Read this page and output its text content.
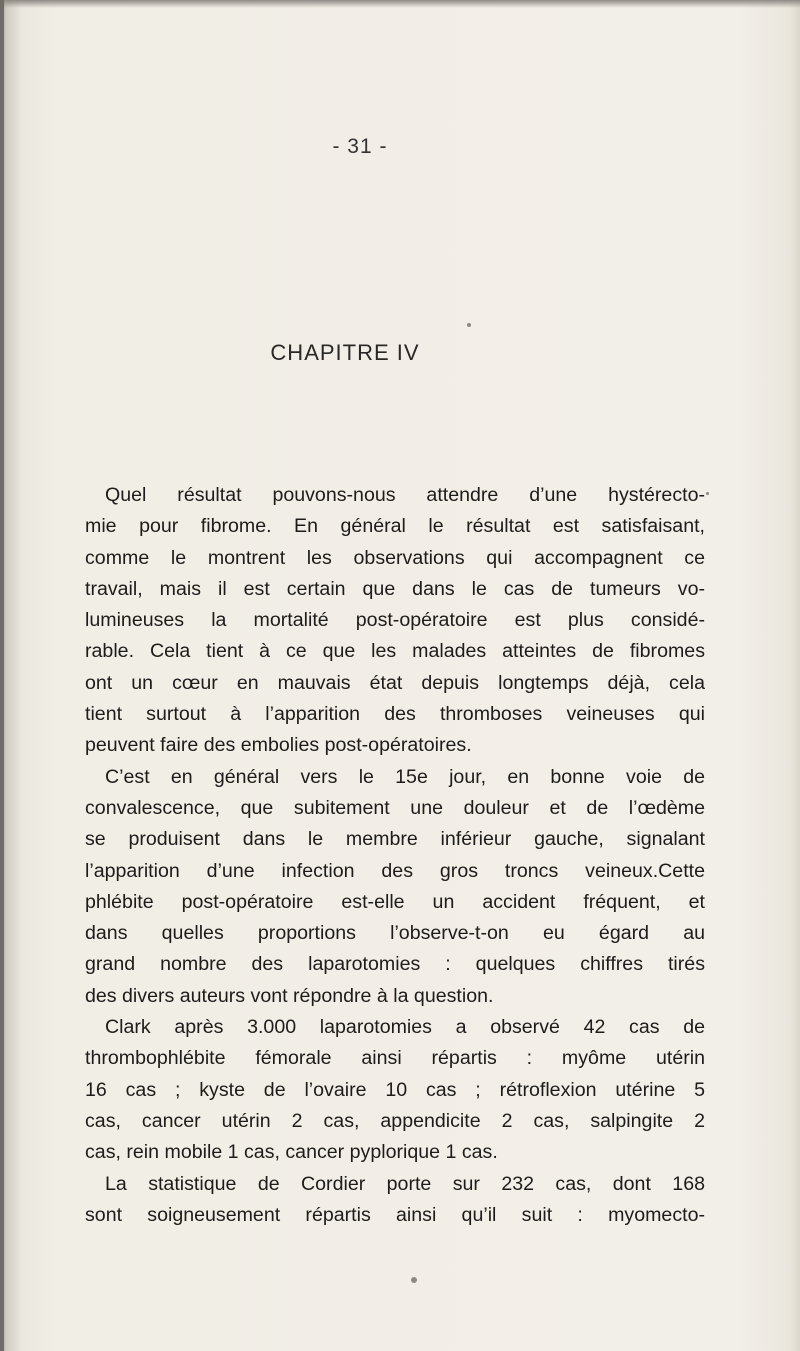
- 31 -
CHAPITRE IV
Quel résultat pouvons-nous attendre d’une hystérecto-
mie pour fibrome. En général le résultat est satisfaisant,
comme le montrent les observations qui accompagnent ce
travail, mais il est certain que dans le cas de tumeurs vo-
lumineuses la mortalité post-opératoire est plus considé-
rable. Cela tient à ce que les malades atteintes de fibromes
ont un cœur en mauvais état depuis longtemps déjà, cela
tient surtout à l’apparition des thromboses veineuses qui
peuvent faire des embolies post-opératoires.
C’est en général vers le 15e jour, en bonne voie de
convalescence, que subitement une douleur et de l’œdème
se produisent dans le membre inférieur gauche, signalant
l’apparition d’une infection des gros troncs veineux.Cette
phlébite post-opératoire est-elle un accident fréquent, et
dans quelles proportions l’observe-t-on eu égard au
grand nombre des laparotomies : quelques chiffres tirés
des divers auteurs vont répondre à la question.
Clark après 3.000 laparotomies a observé 42 cas de
thrombophlébite fémorale ainsi répartis : myôme utérin
16 cas ; kyste de l’ovaire 10 cas ; rétroflexion utérine 5
cas, cancer utérin 2 cas, appendicite 2 cas, salpingite 2
cas, rein mobile 1 cas, cancer pyplorique 1 cas.
La statistique de Cordier porte sur 232 cas, dont 168
sont soigneusement répartis ainsi qu’il suit : myomecto-
